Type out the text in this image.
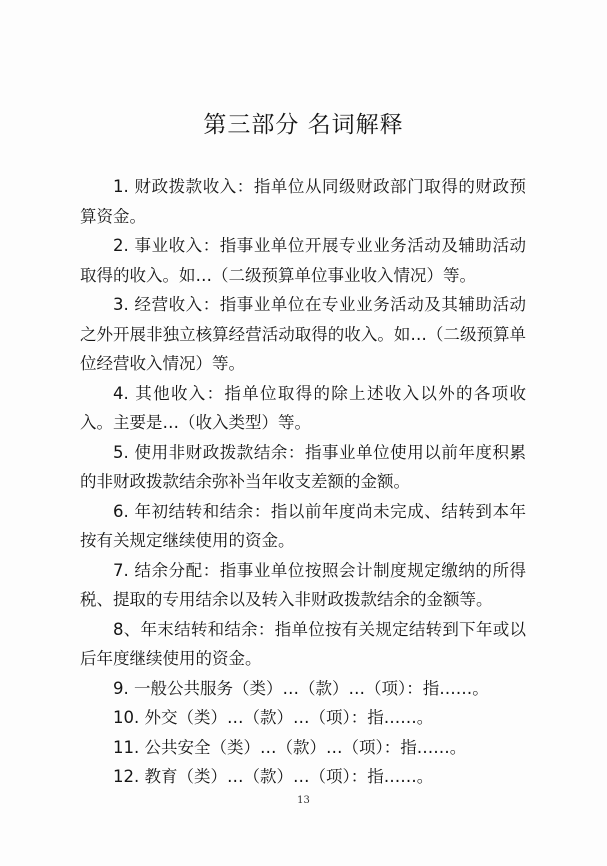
第三部分 名词解释

1. 财政拨款收入：指单位从同级财政部门取得的财政预算资金。

2. 事业收入：指事业单位开展专业业务活动及辅助活动取得的收入。如…（二级预算单位事业收入情况）等。

3. 经营收入：指事业单位在专业业务活动及其辅助活动之外开展非独立核算经营活动取得的收入。如…（二级预算单位经营收入情况）等。

4. 其他收入：指单位取得的除上述收入以外的各项收入。主要是…（收入类型）等。

5. 使用非财政拨款结余：指事业单位使用以前年度积累的非财政拨款结余弥补当年收支差额的金额。

6. 年初结转和结余：指以前年度尚未完成、结转到本年按有关规定继续使用的资金。

7. 结余分配：指事业单位按照会计制度规定缴纳的所得税、提取的专用结余以及转入非财政拨款结余的金额等。

8、年末结转和结余：指单位按有关规定结转到下年或以后年度继续使用的资金。

9. 一般公共服务（类）…（款）…（项）：指……。

10. 外交（类）…（款）…（项）：指……。

11. 公共安全（类）…（款）…（项）：指……。

12. 教育（类）…（款）…（项）：指……。

13
